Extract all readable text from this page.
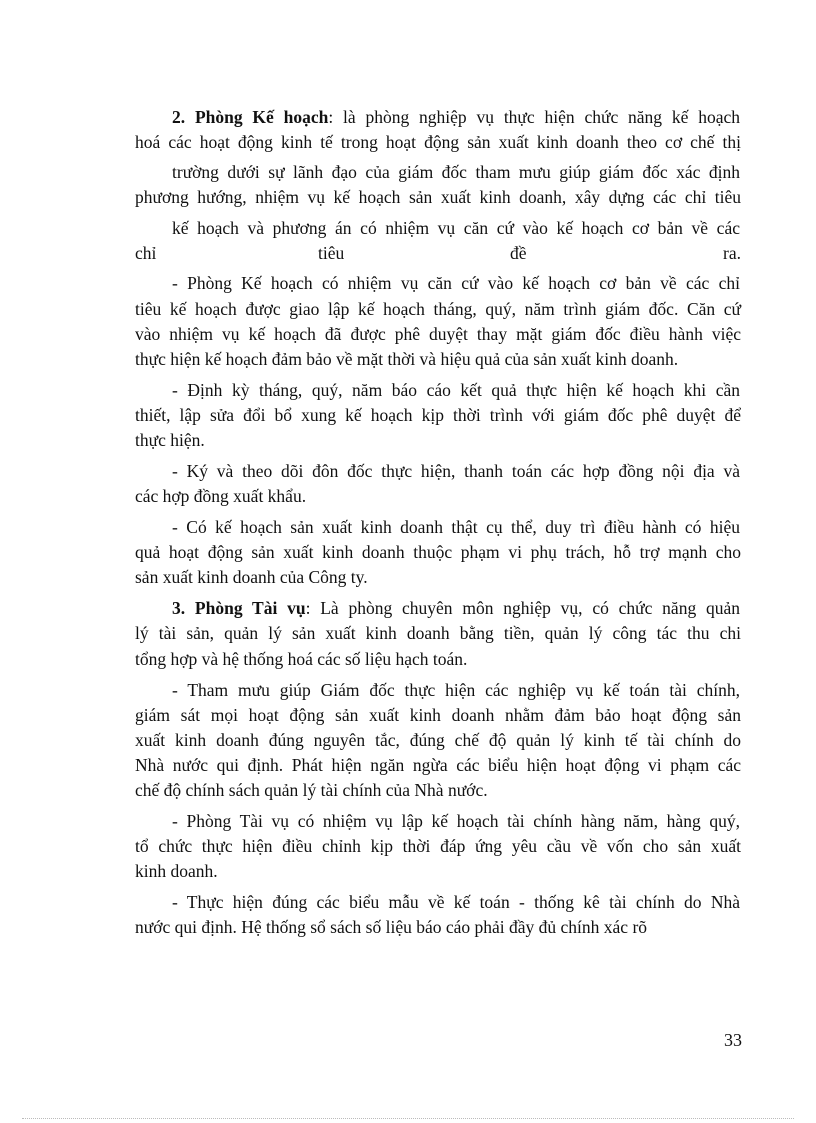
2. Phòng Kế hoạch: là phòng nghiệp vụ thực hiện chức năng kế hoạch
hoá các hoạt động kinh tế trong hoạt động sản xuất kinh doanh theo cơ chế thị
trường dưới sự lãnh đạo của giám đốc tham mưu giúp giám đốc xác định
phương hướng, nhiệm vụ kế hoạch sản xuất kinh doanh, xây dựng các chỉ tiêu
kế hoạch và phương án có nhiệm vụ căn cứ vào kế hoạch cơ bản về các
chỉ	tiêu	đề	ra.
- Phòng Kế hoạch có nhiệm vụ căn cứ vào kế hoạch cơ bản về các chỉ
tiêu kế hoạch được giao lập kế hoạch tháng, quý, năm trình giám đốc. Căn cứ
vào nhiệm vụ kế hoạch đã được phê duyệt thay mặt giám đốc điều hành việc
thực hiện kế hoạch đảm bảo về mặt thời và hiệu quả của sản xuất kinh doanh.
- Định kỳ tháng, quý, năm báo cáo kết quả thực hiện kế hoạch khi cần
thiết, lập sửa đổi bổ xung kế hoạch kịp thời trình với giám đốc phê duyệt để
thực hiện.
- Ký và theo dõi đôn đốc thực hiện, thanh toán các hợp đồng nội địa và
các hợp đồng xuất khẩu.
- Có kế hoạch sản xuất kinh doanh thật cụ thể, duy trì điều hành có hiệu
quả hoạt động sản xuất kinh doanh thuộc phạm vi phụ trách, hỗ trợ mạnh cho
sản xuất kinh doanh của Công ty.
3. Phòng Tài vụ: Là phòng chuyên môn nghiệp vụ, có chức năng quản
lý tài sản, quản lý sản xuất kinh doanh bằng tiền, quản lý công tác thu chi
tổng hợp và hệ thống hoá các số liệu hạch toán.
- Tham mưu giúp Giám đốc thực hiện các nghiệp vụ kế toán tài chính,
giám sát mọi hoạt động sản xuất kinh doanh nhằm đảm bảo hoạt động sản
xuất kinh doanh đúng nguyên tắc, đúng chế độ quản lý kinh tế tài chính do
Nhà nước qui định. Phát hiện ngăn ngừa các biểu hiện hoạt động vi phạm các
chế độ chính sách quản lý tài chính của Nhà nước.
- Phòng Tài vụ có nhiệm vụ lập kế hoạch tài chính hàng năm, hàng quý,
tổ chức thực hiện điều chỉnh kịp thời đáp ứng yêu cầu về vốn cho sản xuất
kinh doanh.
- Thực hiện đúng các biểu mẫu về kế toán - thống kê tài chính do Nhà
nước qui định. Hệ thống sổ sách số liệu báo cáo phải đầy đủ chính xác rõ
33
